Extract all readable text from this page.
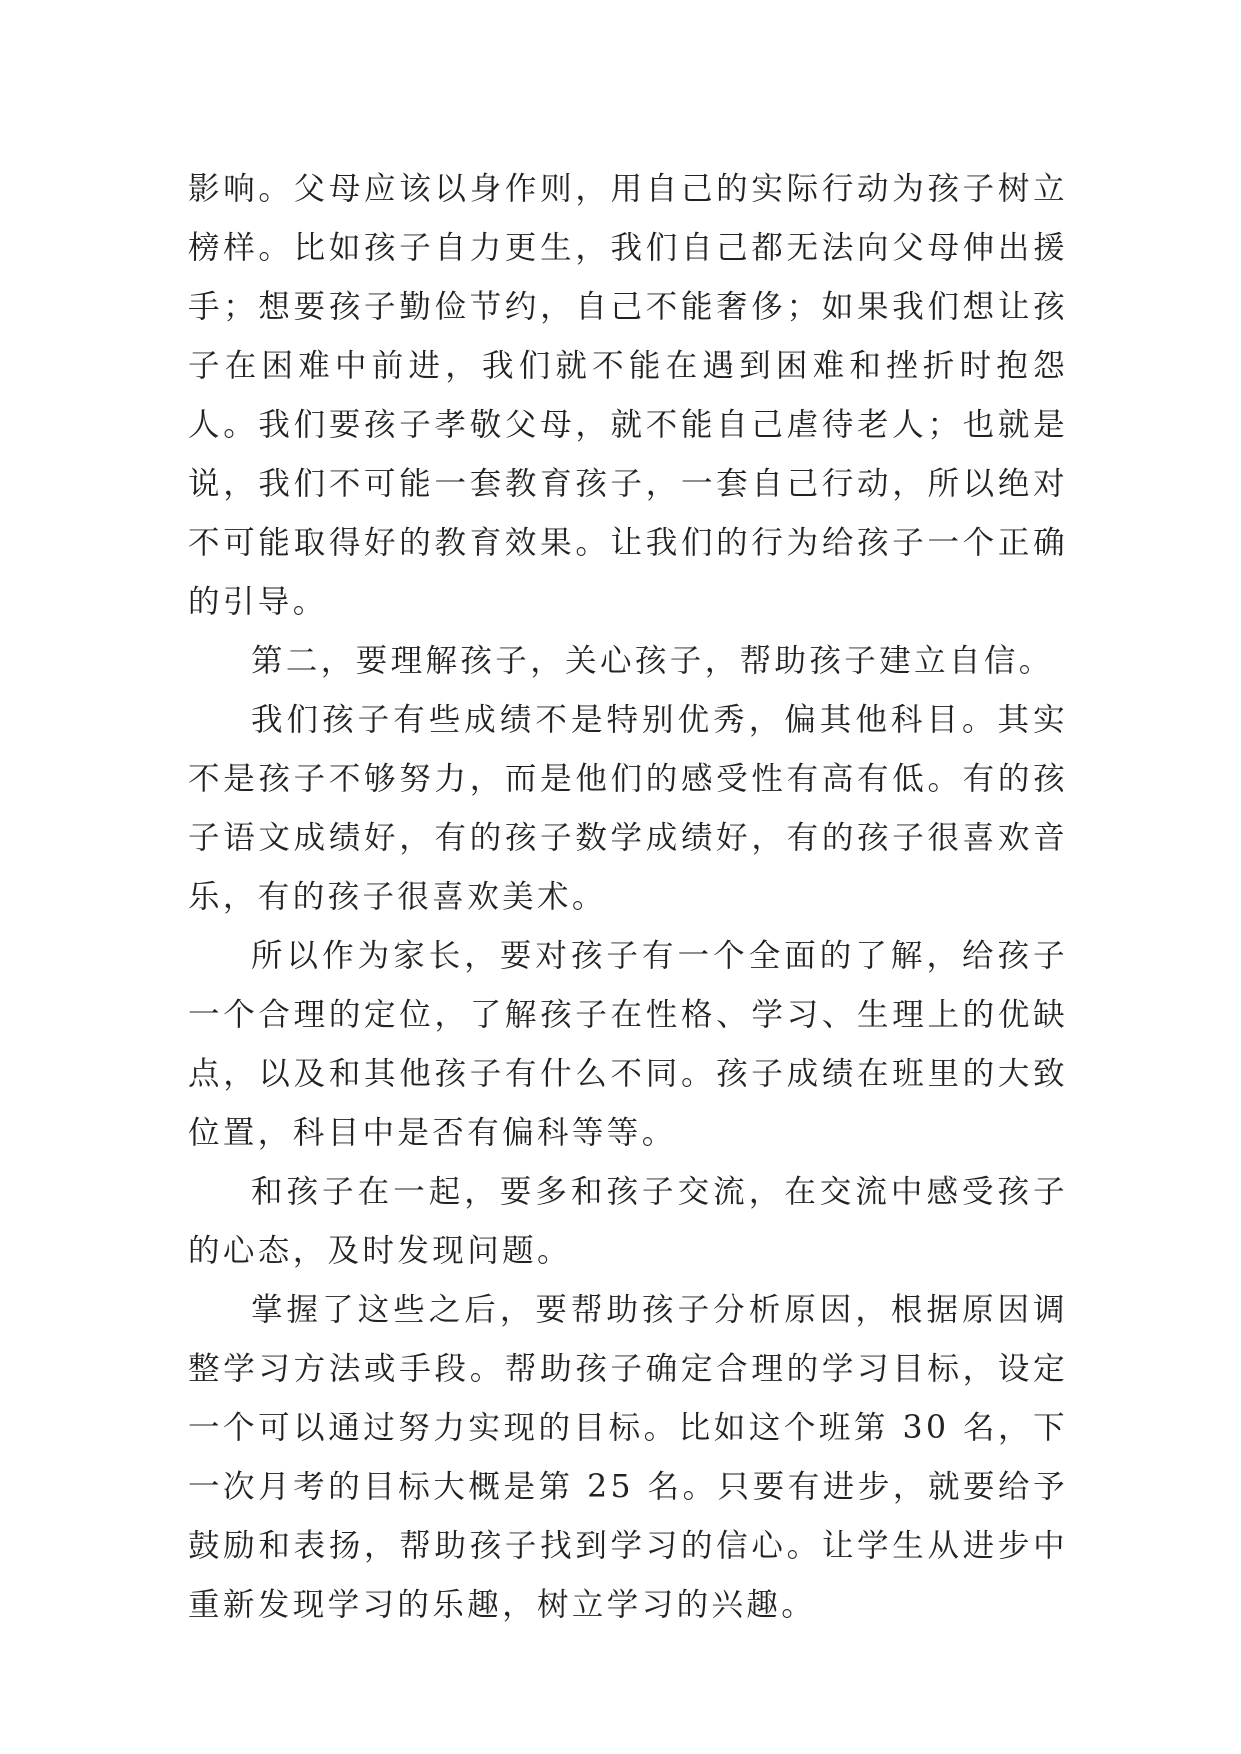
影响。父母应该以身作则，用自己的实际行动为孩子树立榜样。比如孩子自力更生，我们自己都无法向父母伸出援手；想要孩子勤俭节约，自己不能奢侈；如果我们想让孩子在困难中前进，我们就不能在遇到困难和挫折时抱怨人。我们要孩子孝敬父母，就不能自己虐待老人；也就是说，我们不可能一套教育孩子，一套自己行动，所以绝对不可能取得好的教育效果。让我们的行为给孩子一个正确的引导。

第二，要理解孩子，关心孩子，帮助孩子建立自信。

我们孩子有些成绩不是特别优秀，偏其他科目。其实不是孩子不够努力，而是他们的感受性有高有低。有的孩子语文成绩好，有的孩子数学成绩好，有的孩子很喜欢音乐，有的孩子很喜欢美术。

所以作为家长，要对孩子有一个全面的了解，给孩子一个合理的定位，了解孩子在性格、学习、生理上的优缺点，以及和其他孩子有什么不同。孩子成绩在班里的大致位置，科目中是否有偏科等等。

和孩子在一起，要多和孩子交流，在交流中感受孩子的心态，及时发现问题。

掌握了这些之后，要帮助孩子分析原因，根据原因调整学习方法或手段。帮助孩子确定合理的学习目标，设定一个可以通过努力实现的目标。比如这个班第 30 名，下一次月考的目标大概是第 25 名。只要有进步，就要给予鼓励和表扬，帮助孩子找到学习的信心。让学生从进步中重新发现学习的乐趣，树立学习的兴趣。
